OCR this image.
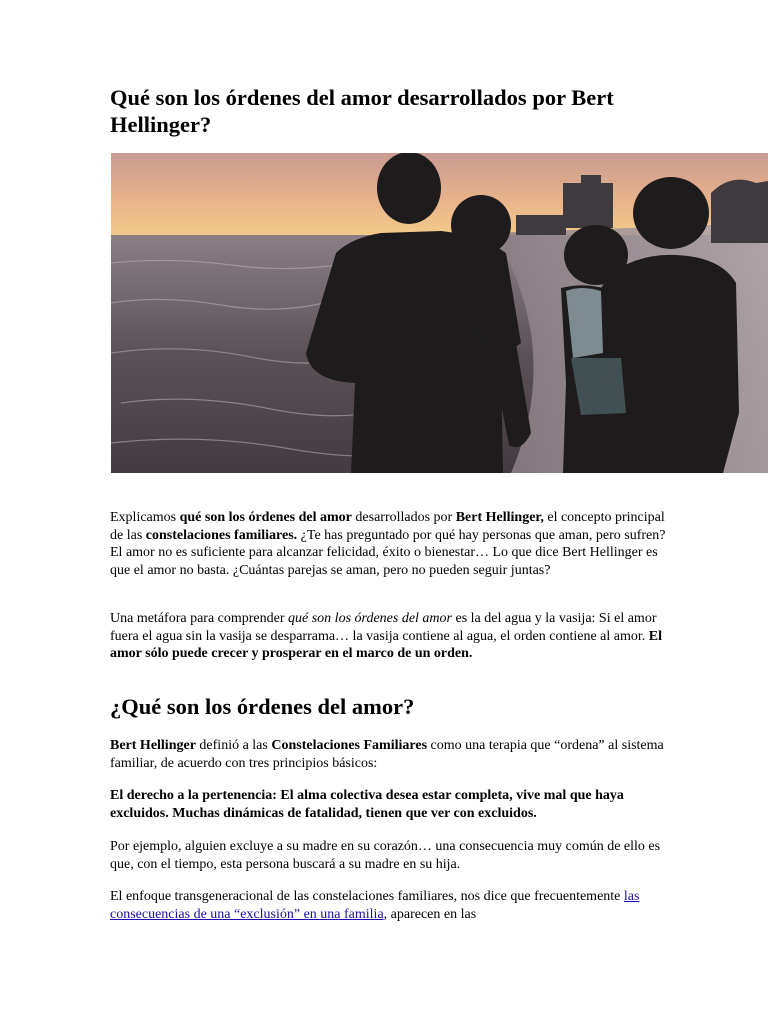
Qué son los órdenes del amor desarrollados por Bert Hellinger?

Explicamos qué son los órdenes del amor desarrollados por Bert Hellinger, el concepto principal de las constelaciones familiares. ¿Te has preguntado por qué hay personas que aman, pero sufren? El amor no es suficiente para alcanzar felicidad, éxito o bienestar… Lo que dice Bert Hellinger es que el amor no basta. ¿Cuántas parejas se aman, pero no pueden seguir juntas?

Una metáfora para comprender qué son los órdenes del amor es la del agua y la vasija: Si el amor fuera el agua sin la vasija se desparrama… la vasija contiene al agua, el orden contiene al amor. El amor sólo puede crecer y prosperar en el marco de un orden.

¿Qué son los órdenes del amor?

Bert Hellinger definió a las Constelaciones Familiares como una terapia que “ordena” al sistema familiar, de acuerdo con tres principios básicos:

El derecho a la pertenencia: El alma colectiva desea estar completa, vive mal que haya excluidos. Muchas dinámicas de fatalidad, tienen que ver con excluidos.

Por ejemplo, alguien excluye a su madre en su corazón… una consecuencia muy común de ello es que, con el tiempo, esta persona buscará a su madre en su hija.

El enfoque transgeneracional de las constelaciones familiares, nos dice que frecuentemente las consecuencias de una “exclusión” en una familia, aparecen en las
